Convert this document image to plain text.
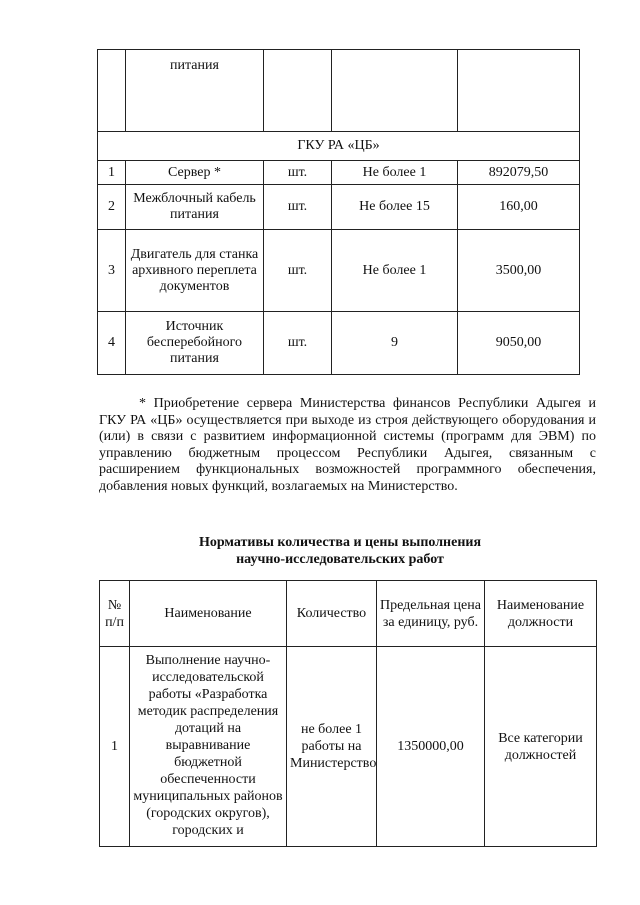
	питания			
ГКУ РА «ЦБ»				
1	Сервер *	шт.	Не более 1	892079,50
2	Межблочный кабель питания	шт.	Не более 15	160,00
3	Двигатель для станка архивного переплета документов	шт.	Не более 1	3500,00
4	Источник бесперебойного питания	шт.	9	9050,00

* Приобретение сервера Министерства финансов Республики Адыгея и ГКУ РА «ЦБ» осуществляется при выходе из строя действующего оборудования и (или) в связи с развитием информационной системы (программ для ЭВМ) по управлению бюджетным процессом Республики Адыгея, связанным с расширением функциональных возможностей программного обеспечения, добавления новых функций, возлагаемых на Министерство.

Нормативы количества и цены выполнения
научно-исследовательских работ
№ п/п	Наименование	Количество	Предельная цена за единицу, руб.	Наименование должности
1	Выполнение научно-исследовательской работы «Разработка методик распределения дотаций на выравнивание бюджетной обеспеченности муниципальных районов (городских округов), городских и	не более 1 работы на Министерство	1350000,00	Все категории должностей
